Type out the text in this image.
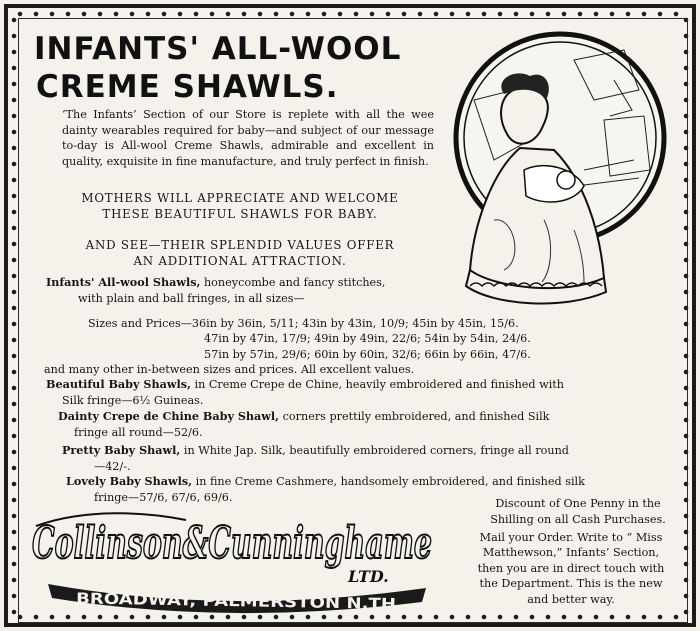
INFANTS' ALL-WOOL
CREME SHAWLS.
‘The Infants’ Section of our Store is replete with all the wee dainty wearables required for baby—and subject of our message to-day is All-wool Creme Shawls, admirable and excellent in quality, exquisite in fine manufacture, and truly perfect in finish.
MOTHERS WILL APPRECIATE AND WELCOME
THESE BEAUTIFUL SHAWLS FOR BABY.
AND SEE—THEIR SPLENDID VALUES OFFER
AN ADDITIONAL ATTRACTION.
Infants' All-wool Shawls, honeycombe and fancy stitches,
with plain and ball fringes, in all sizes—
Sizes and Prices—36in by 36in, 5/11; 43in by 43in, 10/9; 45in by 45in, 15/6.
47in by 47in, 17/9; 49in by 49in, 22/6; 54in by 54in, 24/6.
57in by 57in, 29/6; 60in by 60in, 32/6; 66in by 66in, 47/6.
and many other in-between sizes and prices. All excellent values.
Beautiful Baby Shawls, in Creme Crepe de Chine, heavily embroidered and finished with
Silk fringe—6½ Guineas.
Dainty Crepe de Chine Baby Shawl, corners prettily embroidered, and finished Silk
fringe all round—52/6.
Pretty Baby Shawl, in White Jap. Silk, beautifully embroidered corners, fringe all round
—42/-.
Lovely Baby Shawls, in fine Creme Cashmere, handsomely embroidered, and finished silk
fringe—57/6, 67/6, 69/6.	Discount of One Penny in the
Shilling on all Cash Purchases.
Mail your Order. Write to “ Miss
Matthewson,” Infants’ Section,
then you are in direct touch with
the Department. This is the new
and better way.
Collinson&Cunninghame
LTD.
BROADWAY, PALMERSTON N.TH
